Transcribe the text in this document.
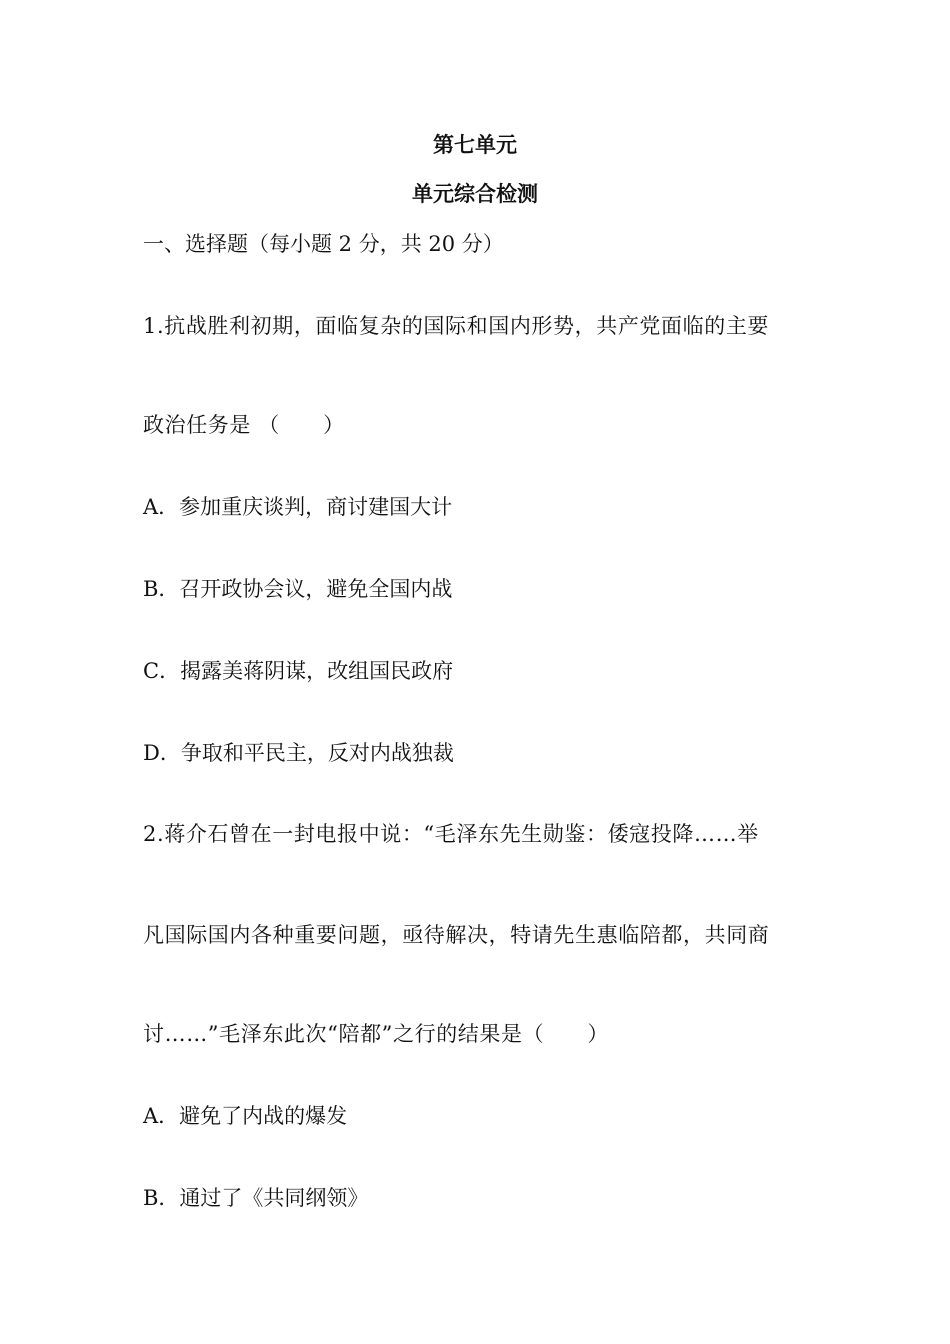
第七单元
单元综合检测
一、选择题（每小题 2 分，共 20 分）
1.抗战胜利初期，面临复杂的国际和国内形势，共产党面临的主要
政治任务是 （　　）
A．参加重庆谈判，商讨建国大计
B．召开政协会议，避免全国内战
C．揭露美蒋阴谋，改组国民政府
D．争取和平民主，反对内战独裁
2.蒋介石曾在一封电报中说：“毛泽东先生勋鉴：倭寇投降……举
凡国际国内各种重要问题，亟待解决，特请先生惠临陪都，共同商
讨……”毛泽东此次“陪都”之行的结果是（　　）
A．避免了内战的爆发
B．通过了《共同纲领》
